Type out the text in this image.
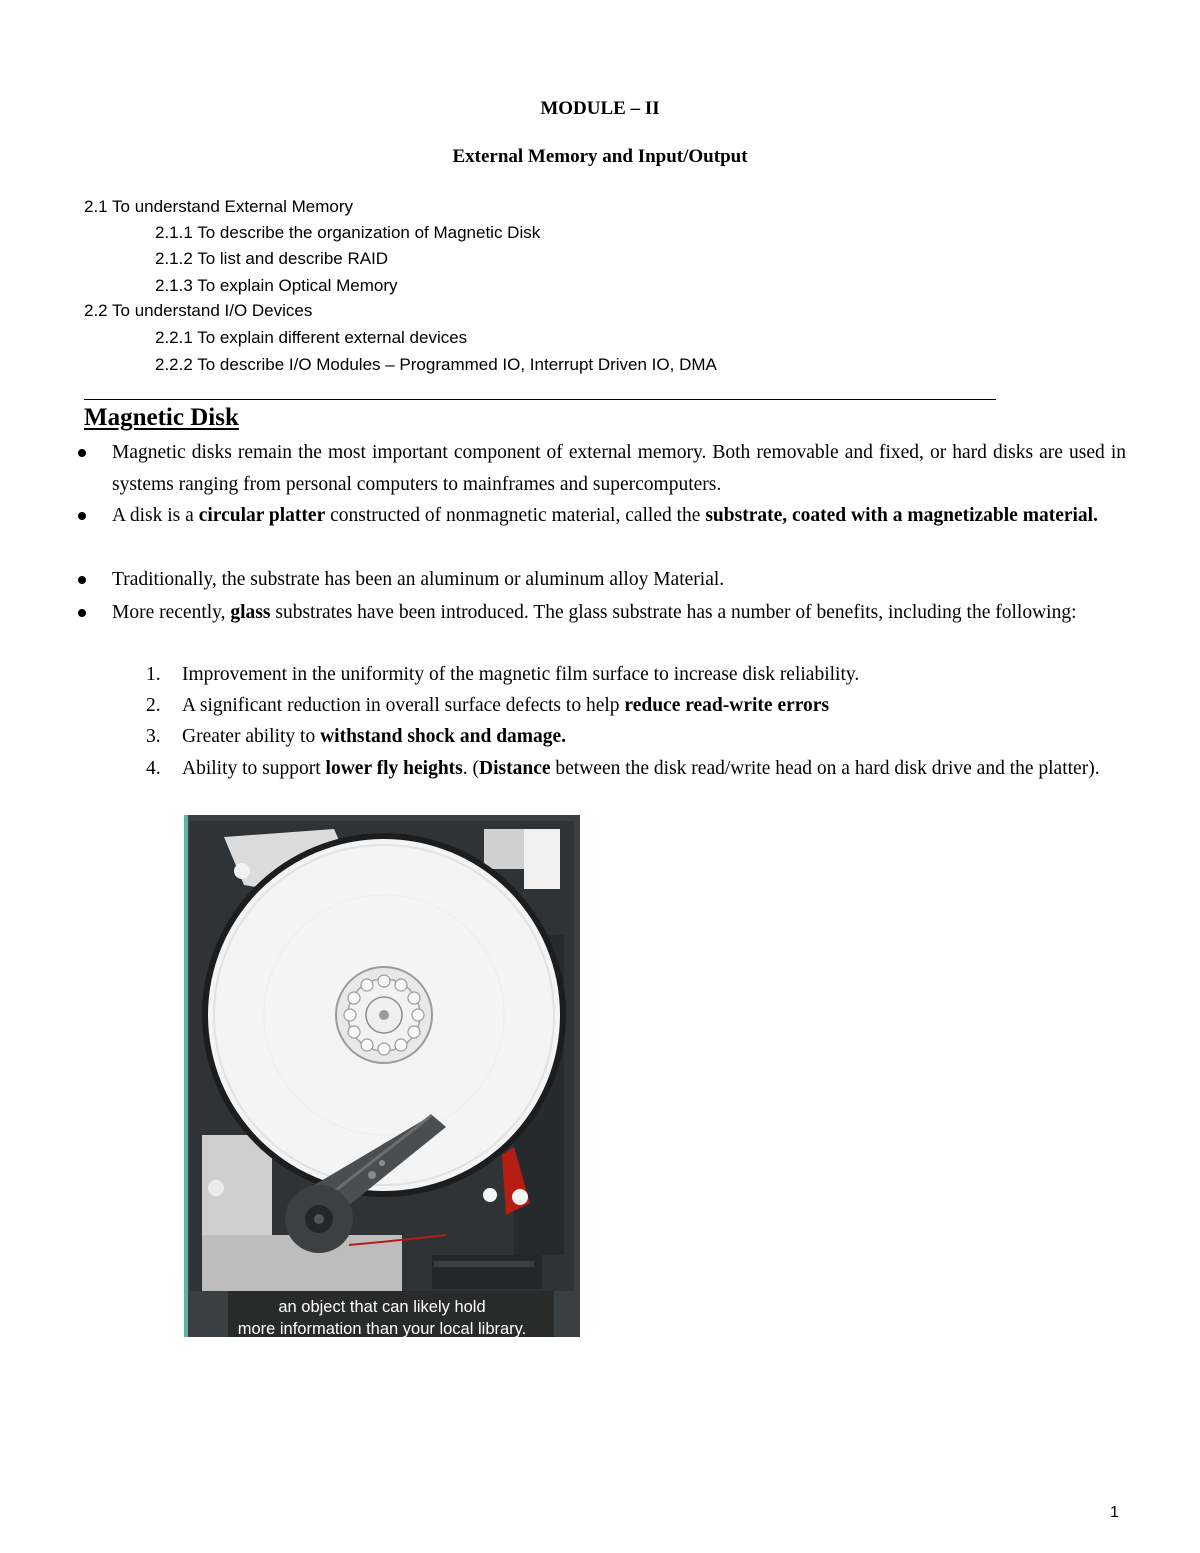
MODULE – II
External Memory and Input/Output
2.1 To understand External Memory
2.1.1 To describe the organization of Magnetic Disk
2.1.2 To list and describe RAID
2.1.3 To explain Optical Memory
2.2 To understand I/O Devices
2.2.1 To explain different external devices
2.2.2 To describe I/O Modules – Programmed IO, Interrupt Driven IO, DMA
Magnetic Disk
Magnetic disks remain the most important component of external memory. Both removable and fixed, or hard disks are used in systems ranging from personal computers to mainframes and supercomputers.
A disk is a circular platter constructed of nonmagnetic material, called the substrate, coated with a magnetizable material.
Traditionally, the substrate has been an aluminum or aluminum alloy Material.
More recently, glass substrates have been introduced. The glass substrate has a number of benefits, including the following:
1. Improvement in the uniformity of the magnetic film surface to increase disk reliability.
2. A significant reduction in overall surface defects to help reduce read-write errors
3. Greater ability to withstand shock and damage.
4. Ability to support lower fly heights. (Distance between the disk read/write head on a hard disk drive and the platter).
an object that can likely hold
more information than your local library.
1
